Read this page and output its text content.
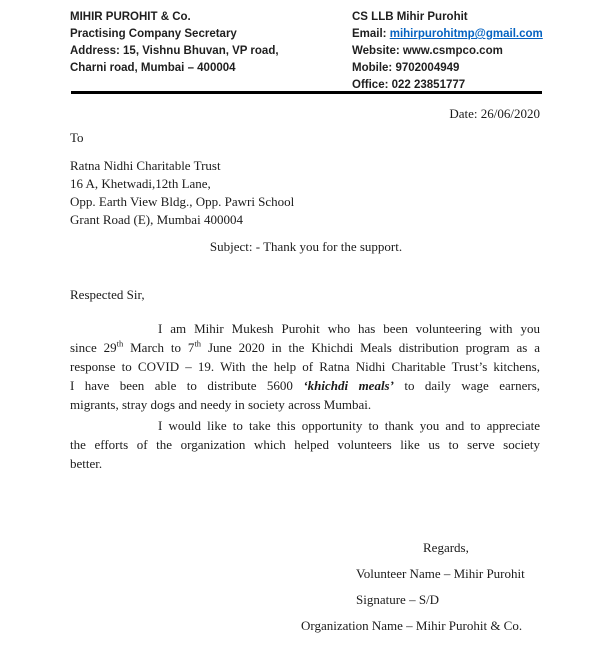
MIHIR PUROHIT & Co.
Practising Company Secretary
Address: 15, Vishnu Bhuvan, VP road,
Charni road, Mumbai – 400004
CS LLB Mihir Purohit
Email: mihirpurohitmp@gmail.com
Website: www.csmpco.com
Mobile: 9702004949
Office: 022 23851777
Date: 26/06/2020
To
Ratna Nidhi Charitable Trust
16 A, Khetwadi,12th Lane,
Opp. Earth View Bldg., Opp. Pawri School
Grant Road (E), Mumbai 400004
Subject: - Thank you for the support.
Respected Sir,
I am Mihir Mukesh Purohit who has been volunteering with you
since 29th March to 7th June 2020 in the Khichdi Meals distribution program as a
response to COVID – 19. With the help of Ratna Nidhi Charitable Trust’s kitchens,
I have been able to distribute 5600 ‘khichdi meals’ to daily wage earners,
migrants, stray dogs and needy in society across Mumbai.
I would like to take this opportunity to thank you and to appreciate
the efforts of the organization which helped volunteers like us to serve society
better.
Regards,
Volunteer Name – Mihir Purohit
Signature – S/D
Organization Name – Mihir Purohit & Co.
